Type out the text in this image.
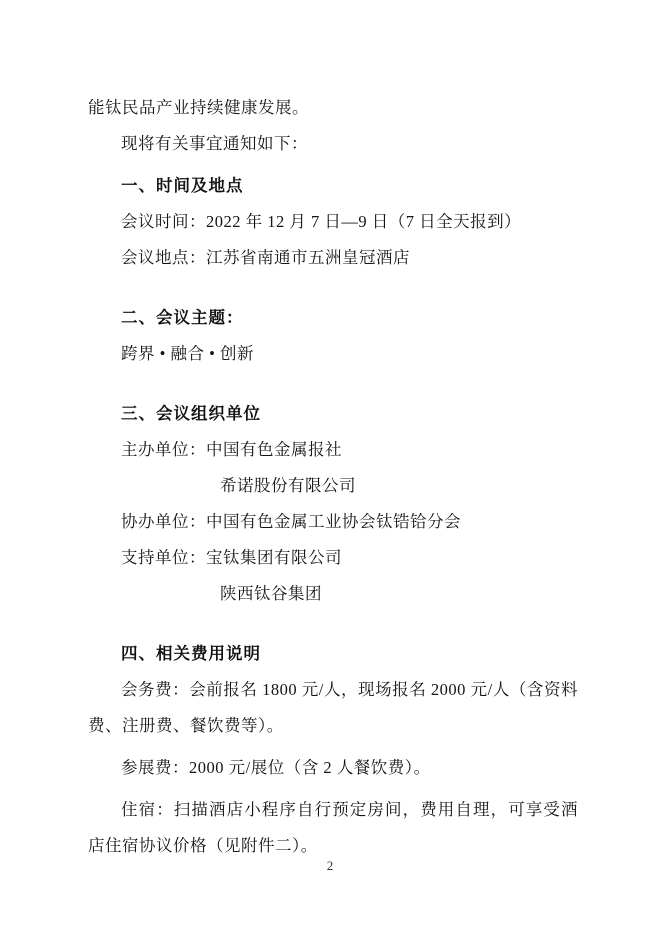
能钛民品产业持续健康发展。

现将有关事宜通知如下：

一、时间及地点

会议时间：2022 年 12 月 7 日—9 日（7 日全天报到）

会议地点：江苏省南通市五洲皇冠酒店

二、会议主题：

跨界 • 融合 • 创新

三、会议组织单位

主办单位：中国有色金属报社

希诺股份有限公司

协办单位：中国有色金属工业协会钛锆铪分会

支持单位：宝钛集团有限公司

陕西钛谷集团

四、相关费用说明

会务费：会前报名 1800 元/人，现场报名 2000 元/人（含资料费、注册费、餐饮费等）。

参展费：2000 元/展位（含 2 人餐饮费）。

住宿：扫描酒店小程序自行预定房间，费用自理，可享受酒店住宿协议价格（见附件二）。

2
